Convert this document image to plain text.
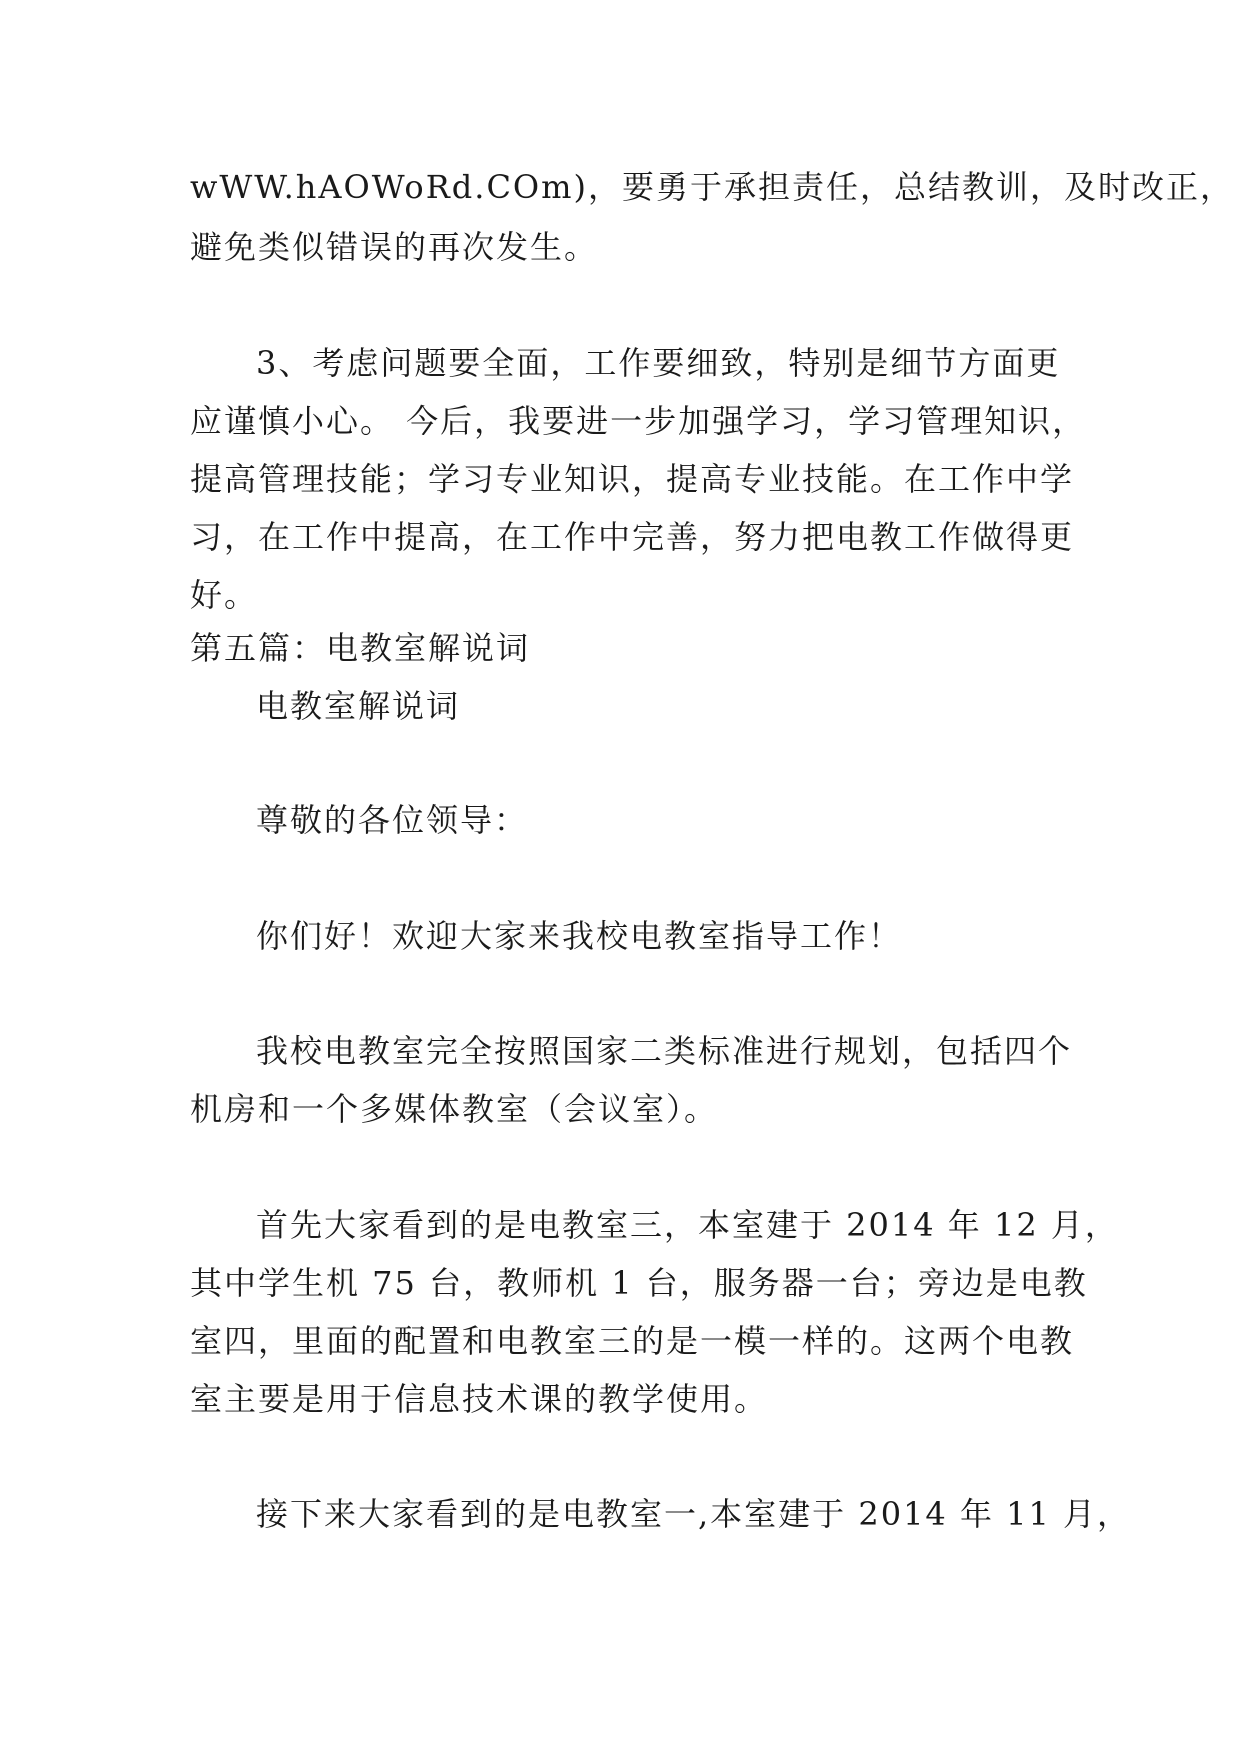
wWW.hAOWoRd.COm)，要勇于承担责任，总结教训，及时改正，
避免类似错误的再次发生。
3、考虑问题要全面，工作要细致，特别是细节方面更
应谨慎小心。 今后，我要进一步加强学习，学习管理知识，
提高管理技能；学习专业知识，提高专业技能。在工作中学
习，在工作中提高，在工作中完善，努力把电教工作做得更
好。
第五篇：电教室解说词
电教室解说词
尊敬的各位领导：
你们好！欢迎大家来我校电教室指导工作！
我校电教室完全按照国家二类标准进行规划，包括四个
机房和一个多媒体教室（会议室）。
首先大家看到的是电教室三，本室建于 2014 年 12 月，
其中学生机 75 台，教师机 1 台，服务器一台；旁边是电教
室四，里面的配置和电教室三的是一模一样的。这两个电教
室主要是用于信息技术课的教学使用。
接下来大家看到的是电教室一,本室建于 2014 年 11 月，
